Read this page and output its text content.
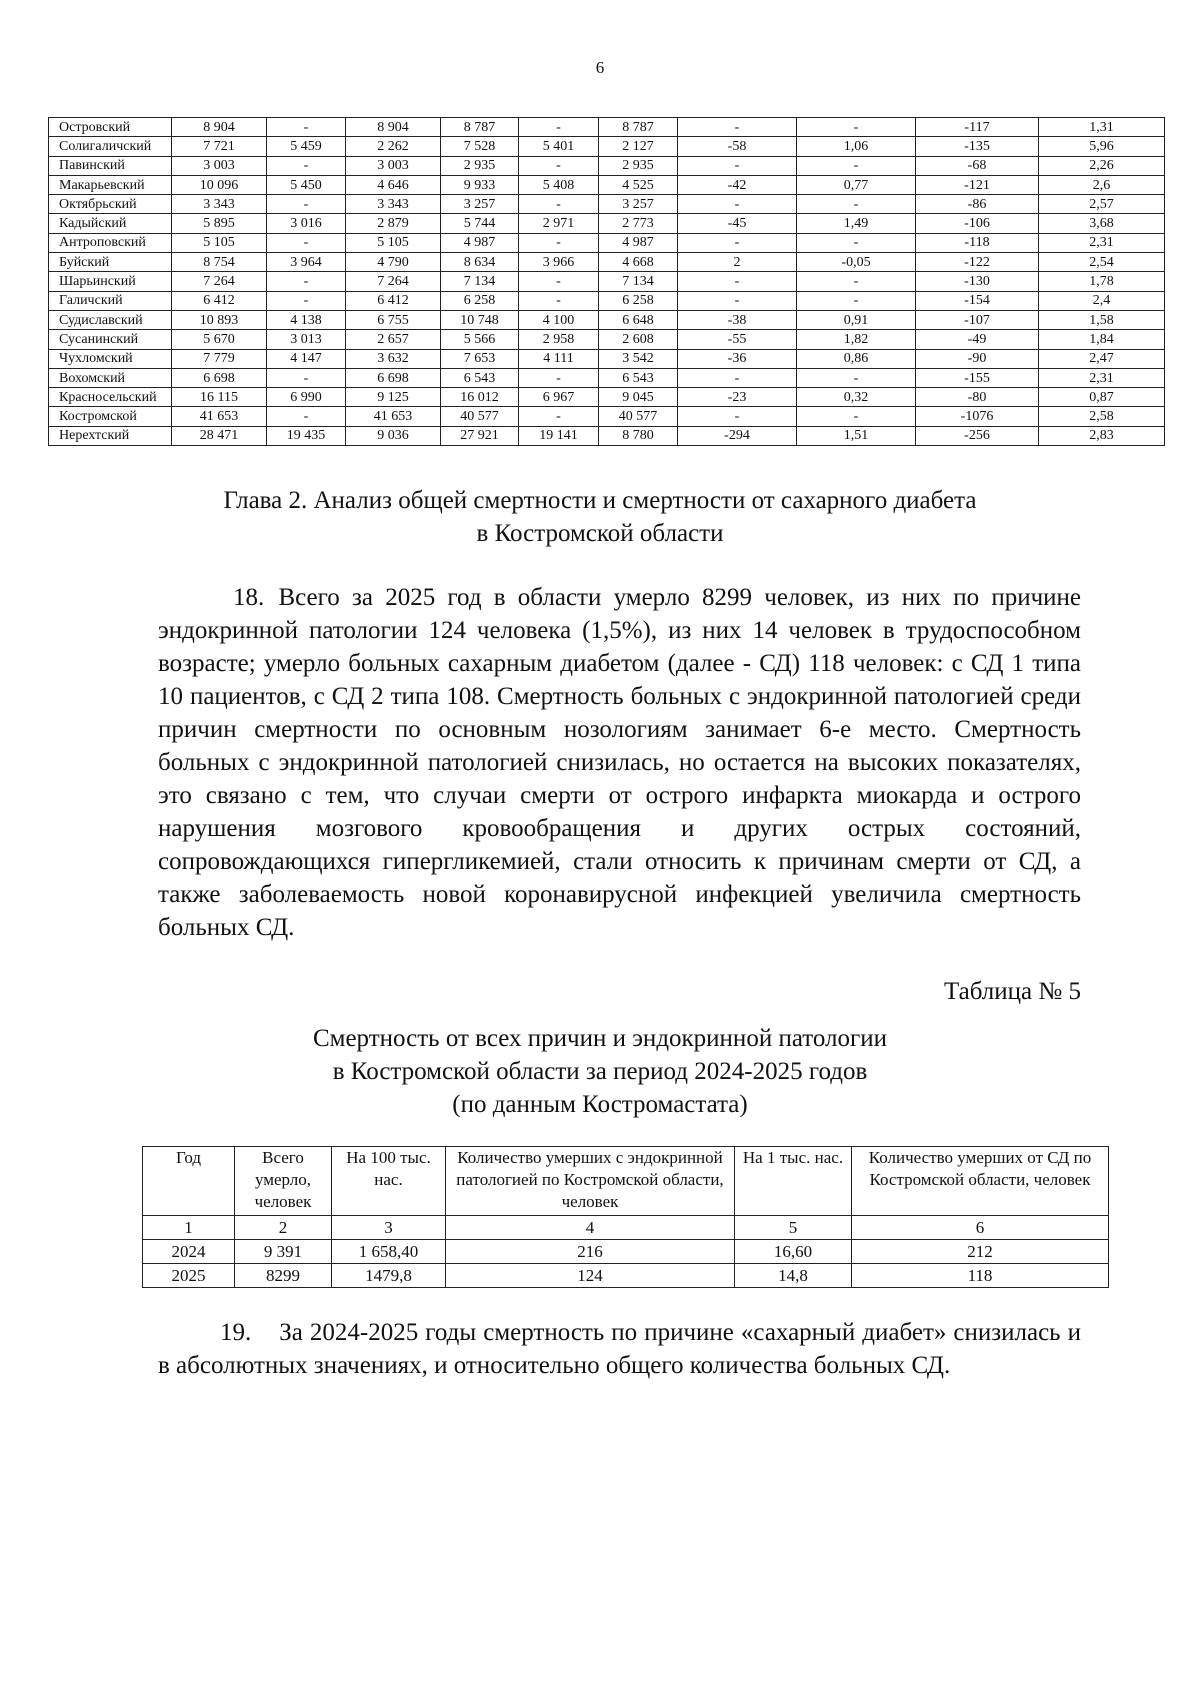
6
Островский	8 904	-	8 904	8 787	-	8 787	-	-	-117	1,31
Солигаличский	7 721	5 459	2 262	7 528	5 401	2 127	-58	1,06	-135	5,96
Павинский	3 003	-	3 003	2 935	-	2 935	-	-	-68	2,26
Макарьевский	10 096	5 450	4 646	9 933	5 408	4 525	-42	0,77	-121	2,6
Октябрьский	3 343	-	3 343	3 257	-	3 257	-	-	-86	2,57
Кадыйский	5 895	3 016	2 879	5 744	2 971	2 773	-45	1,49	-106	3,68
Антроповский	5 105	-	5 105	4 987	-	4 987	-	-	-118	2,31
Буйский	8 754	3 964	4 790	8 634	3 966	4 668	2	-0,05	-122	2,54
Шарьинский	7 264	-	7 264	7 134	-	7 134	-	-	-130	1,78
Галичский	6 412	-	6 412	6 258	-	6 258	-	-	-154	2,4
Судиславский	10 893	4 138	6 755	10 748	4 100	6 648	-38	0,91	-107	1,58
Сусанинский	5 670	3 013	2 657	5 566	2 958	2 608	-55	1,82	-49	1,84
Чухломский	7 779	4 147	3 632	7 653	4 111	3 542	-36	0,86	-90	2,47
Вохомский	6 698	-	6 698	6 543	-	6 543	-	-	-155	2,31
Красносельский	16 115	6 990	9 125	16 012	6 967	9 045	-23	0,32	-80	0,87
Костромской	41 653	-	41 653	40 577	-	40 577	-	-	-1076	2,58
Нерехтский	28 471	19 435	9 036	27 921	19 141	8 780	-294	1,51	-256	2,83
Глава 2. Анализ общей смертности и смертности от сахарного диабета
в Костромской области

18. Всего за 2025 год в области умерло 8299 человек, из них по причине эндокринной патологии 124 человека (1,5%), из них 14 человек в трудоспособном возрасте; умерло больных сахарным диабетом (далее - СД) 118 человек: с СД 1 типа 10 пациентов, с СД 2 типа 108. Смертность больных с эндокринной патологией среди причин смертности по основным нозологиям занимает 6-е место. Смертность больных с эндокринной патологией снизилась, но остается на высоких показателях, это связано с тем, что случаи смерти от острого инфаркта миокарда и острого нарушения мозгового кровообращения и других острых состояний, сопровождающихся гипергликемией, стали относить к причинам смерти от СД, а также заболеваемость новой коронавирусной инфекцией увеличила смертность больных СД.

Таблица № 5
Смертность от всех причин и эндокринной патологии
в Костромской области за период 2024-2025 годов
(по данным Костромастата)
Год	Всего умерло, человек	На 100 тыс. нас.	Количество умерших с эндокринной патологией по Костромской области, человек	На 1 тыс. нас.	Количество умерших от СД по Костромской области, человек
1	2	3	4	5	6
2024	9 391	1 658,40	216	16,60	212
2025	8299	1479,8	124	14,8	118

19. За 2024-2025 годы смертность по причине «сахарный диабет» снизилась и в абсолютных значениях, и относительно общего количества больных СД.
